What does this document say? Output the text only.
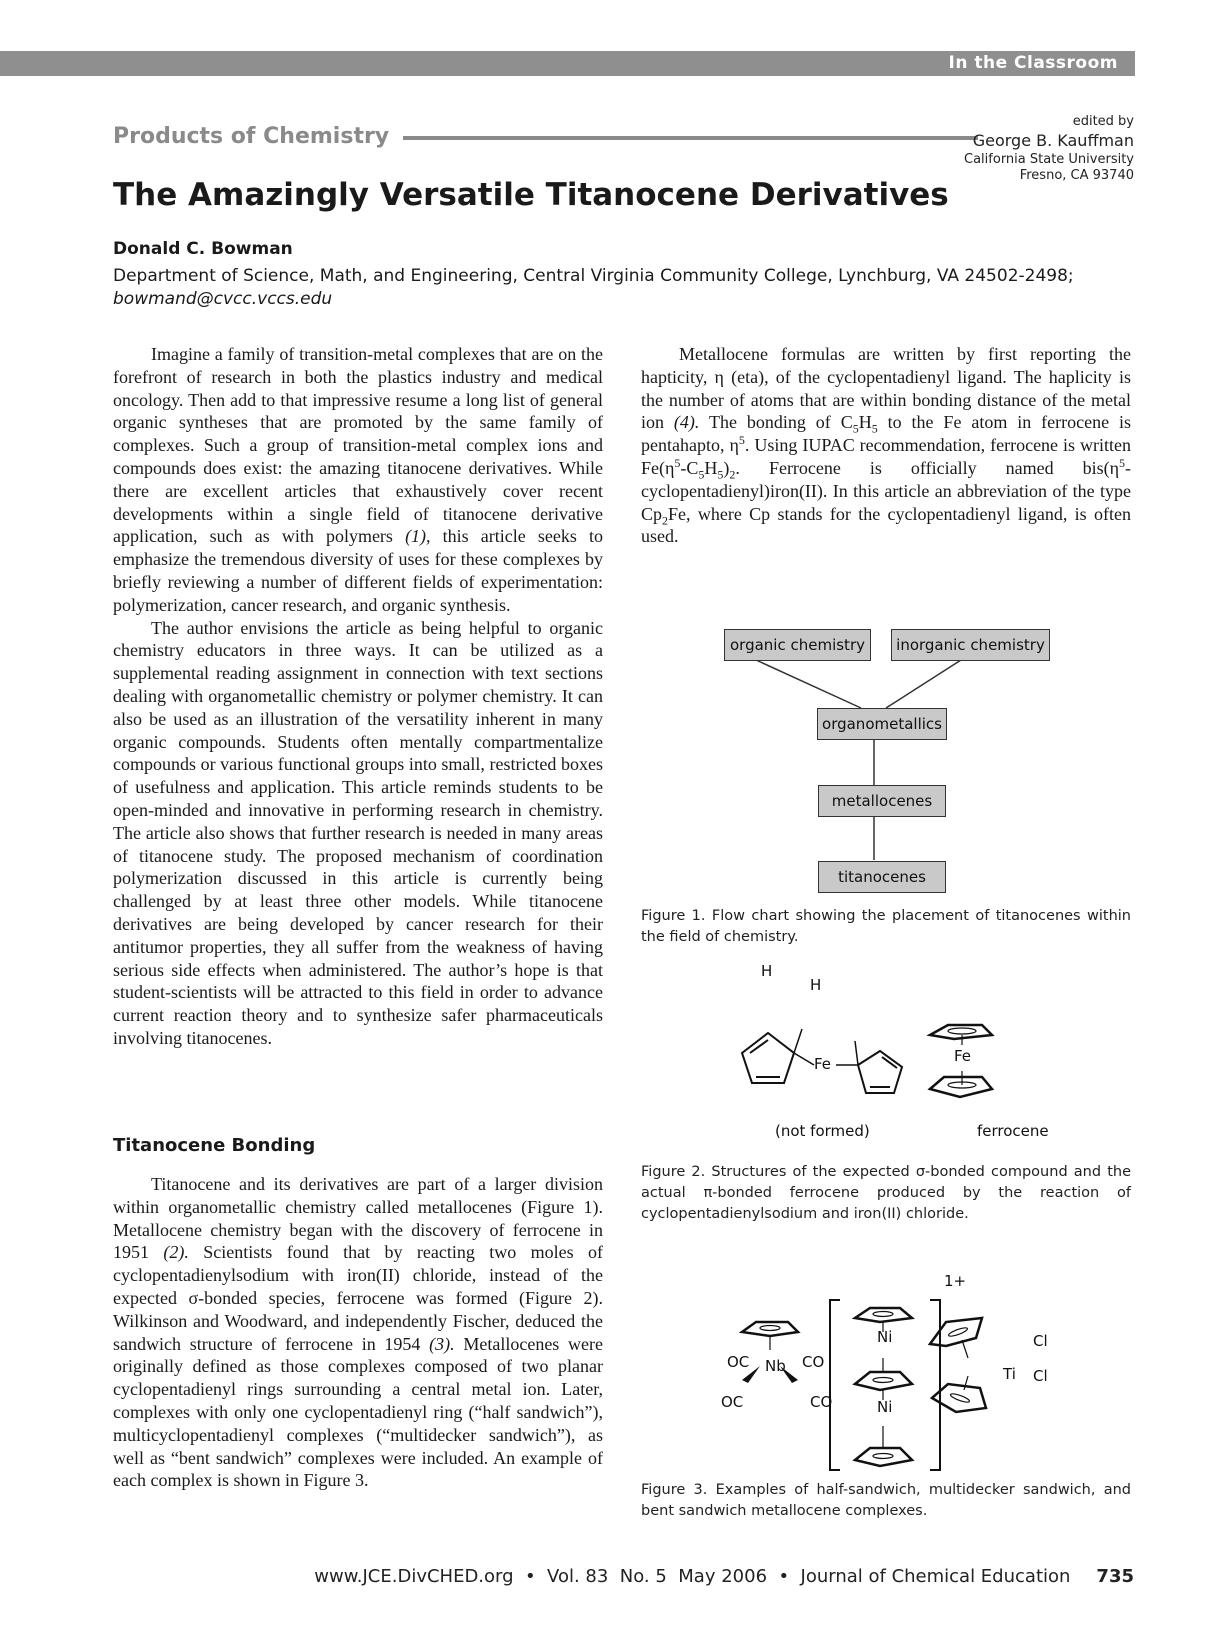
In the Classroom
Products of Chemistry
edited by
George B. Kauffman
California State University
Fresno, CA 93740
The Amazingly Versatile Titanocene Derivatives

Donald C. Bowman

Department of Science, Math, and Engineering, Central Virginia Community College, Lynchburg, VA 24502-2498;
bowmand@cvcc.vccs.edu

Imagine a family of transition-metal complexes that are on the forefront of research in both the plastics industry and medical oncology. Then add to that impressive resume a long list of general organic syntheses that are promoted by the same family of complexes. Such a group of transition-metal complex ions and compounds does exist: the amazing titanocene derivatives. While there are excellent articles that exhaustively cover recent developments within a single field of titanocene derivative application, such as with polymers (1), this article seeks to emphasize the tremendous diversity of uses for these complexes by briefly reviewing a number of different fields of experimentation: polymerization, cancer research, and organic synthesis.

The author envisions the article as being helpful to organic chemistry educators in three ways. It can be utilized as a supplemental reading assignment in connection with text sections dealing with organometallic chemistry or polymer chemistry. It can also be used as an illustration of the versatility inherent in many organic compounds. Students often mentally compartmentalize compounds or various functional groups into small, restricted boxes of usefulness and application. This article reminds students to be open-minded and innovative in performing research in chemistry. The article also shows that further research is needed in many areas of titanocene study. The proposed mechanism of coordination polymerization discussed in this article is currently being challenged by at least three other models. While titanocene derivatives are being developed by cancer research for their antitumor properties, they all suffer from the weakness of having serious side effects when administered. The author’s hope is that student-scientists will be attracted to this field in order to advance current reaction theory and to synthesize safer pharmaceuticals involving titanocenes.

Titanocene Bonding

Titanocene and its derivatives are part of a larger division within organometallic chemistry called metallocenes (Figure 1). Metallocene chemistry began with the discovery of ferrocene in 1951 (2). Scientists found that by reacting two moles of cyclopentadienylsodium with iron(II) chloride, instead of the expected σ-bonded species, ferrocene was formed (Figure 2). Wilkinson and Woodward, and independently Fischer, deduced the sandwich structure of ferrocene in 1954 (3). Metallocenes were originally defined as those complexes composed of two planar cyclopentadienyl rings surrounding a central metal ion. Later, complexes with only one cyclopentadienyl ring (“half sandwich”), multicyclopentadienyl complexes (“multidecker sandwich”), as well as “bent sandwich” complexes were included. An example of each complex is shown in Figure 3.

Metallocene formulas are written by first reporting the hapticity, η (eta), of the cyclopentadienyl ligand. The haplicity is the number of atoms that are within bonding distance of the metal ion (4). The bonding of $C_5H_5$ to the Fe atom in ferrocene is pentahapto, $\eta^5$. Using IUPAC recommendation, ferrocene is written $Fe(\eta^5-C_5H_5)_2$. Ferrocene is officially named $bis(\eta^5-cyclopentadienyl)iron(II)$. In this article an abbreviation of the type $Cp_2Fe$, where Cp stands for the cyclopentadienyl ligand, is often used.

organic chemistry	inorganic chemistry
organometallics
metallocenes
titanocenes

Figure 1. Flow chart showing the placement of titanocenes within the field of chemistry.

H
H
Fe	Fe
(not formed)	ferrocene

Figure 2. Structures of the expected σ-bonded compound and the actual π-bonded ferrocene produced by the reaction of cyclopentadienylsodium and iron(II) chloride.

1+
OC Nb CO
OC	CO
Ni
Ni
Ti
Cl
Cl

Figure 3. Examples of half-sandwich, multidecker sandwich, and bent sandwich metallocene complexes.

www.JCE.DivCHED.org  •  Vol. 83  No. 5  May 2006  •  Journal of Chemical Education 735
